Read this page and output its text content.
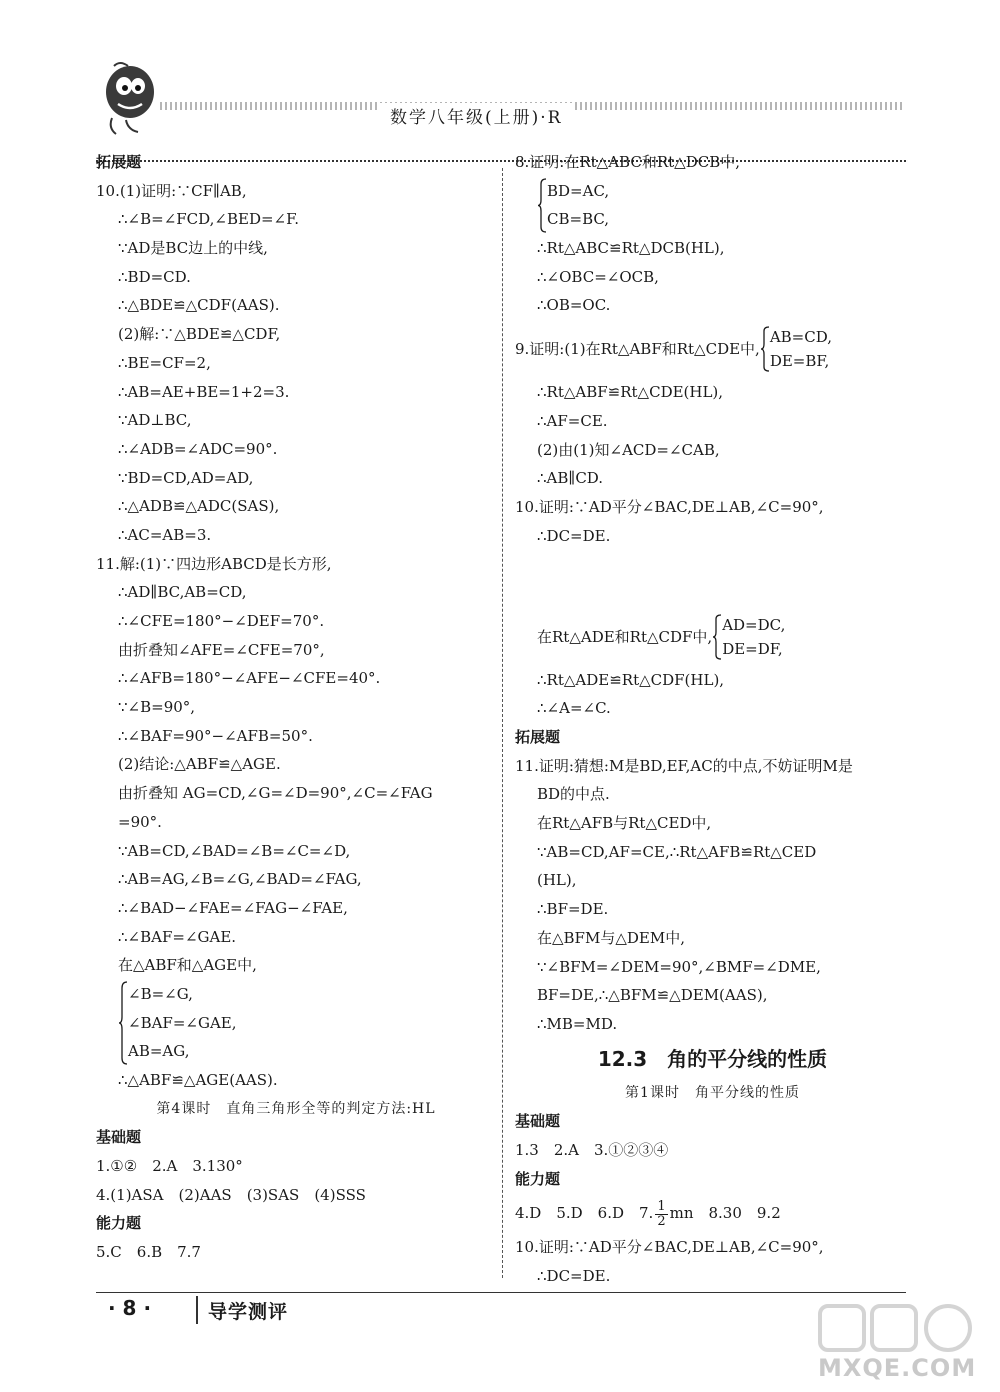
数学八年级(上册)·R
拓展题
10.(1)证明:∵CF∥AB,
∴∠B=∠FCD,∠BED=∠F.
∵AD是BC边上的中线,
∴BD=CD.
∴△BDE≌△CDF(AAS).
(2)解:∵△BDE≌△CDF,
∴BE=CF=2,
∴AB=AE+BE=1+2=3.
∵AD⊥BC,
∴∠ADB=∠ADC=90°.
∵BD=CD,AD=AD,
∴△ADB≌△ADC(SAS),
∴AC=AB=3.
11.解:(1)∵四边形ABCD是长方形,
∴AD∥BC,AB=CD,
∴∠CFE=180°−∠DEF=70°.
由折叠知∠AFE=∠CFE=70°,
∴∠AFB=180°−∠AFE−∠CFE=40°.
∵∠B=90°,
∴∠BAF=90°−∠AFB=50°.
(2)结论:△ABF≌△AGE.
由折叠知 AG=CD,∠G=∠D=90°,∠C=∠FAG
=90°.
∵AB=CD,∠BAD=∠B=∠C=∠D,
∴AB=AG,∠B=∠G,∠BAD=∠FAG,
∴∠BAD−∠FAE=∠FAG−∠FAE,
∴∠BAF=∠GAE.
在△ABF和△AGE中,
∠B=∠G,
∠BAF=∠GAE,
AB=AG,
∴△ABF≌△AGE(AAS).
第4课时　直角三角形全等的判定方法:HL
基础题
1.①②　2.A　3.130°
4.(1)ASA　(2)AAS　(3)SAS　(4)SSS
能力题
5.C　6.B　7.7
8.证明:在Rt△ABC和Rt△DCB中,
BD=AC,
CB=BC,
∴Rt△ABC≌Rt△DCB(HL),
∴∠OBC=∠OCB,
∴OB=OC.
9.证明:(1)在Rt△ABF和Rt△CDE中,
AB=CD,
DE=BF,
∴Rt△ABF≌Rt△CDE(HL),
∴AF=CE.
(2)由(1)知∠ACD=∠CAB,
∴AB∥CD.
10.证明:∵AD平分∠BAC,DE⊥AB,∠C=90°,
∴DC=DE.
在Rt△ADE和Rt△CDF中,
AD=DC,
DE=DF,
∴Rt△ADE≌Rt△CDF(HL),
∴∠A=∠C.
拓展题
11.证明:猜想:M是BD,EF,AC的中点,不妨证明M是
BD的中点.
在Rt△AFB与Rt△CED中,
∵AB=CD,AF=CE,∴Rt△AFB≌Rt△CED
(HL),
∴BF=DE.
在△BFM与△DEM中,
∵∠BFM=∠DEM=90°,∠BMF=∠DME,
BF=DE,∴△BFM≌△DEM(AAS),
∴MB=MD.
12.3　角的平分线的性质
第1课时　角平分线的性质
基础题
1.3　2.A　3.①②③④
能力题
4.D　5.D　6.D　7. $\frac{1}{2}$ mn　8.30　9.2
10.证明:∵AD平分∠BAC,DE⊥AB,∠C=90°,
∴DC=DE.
· 8 ·	导学测评
MXQE.COM
